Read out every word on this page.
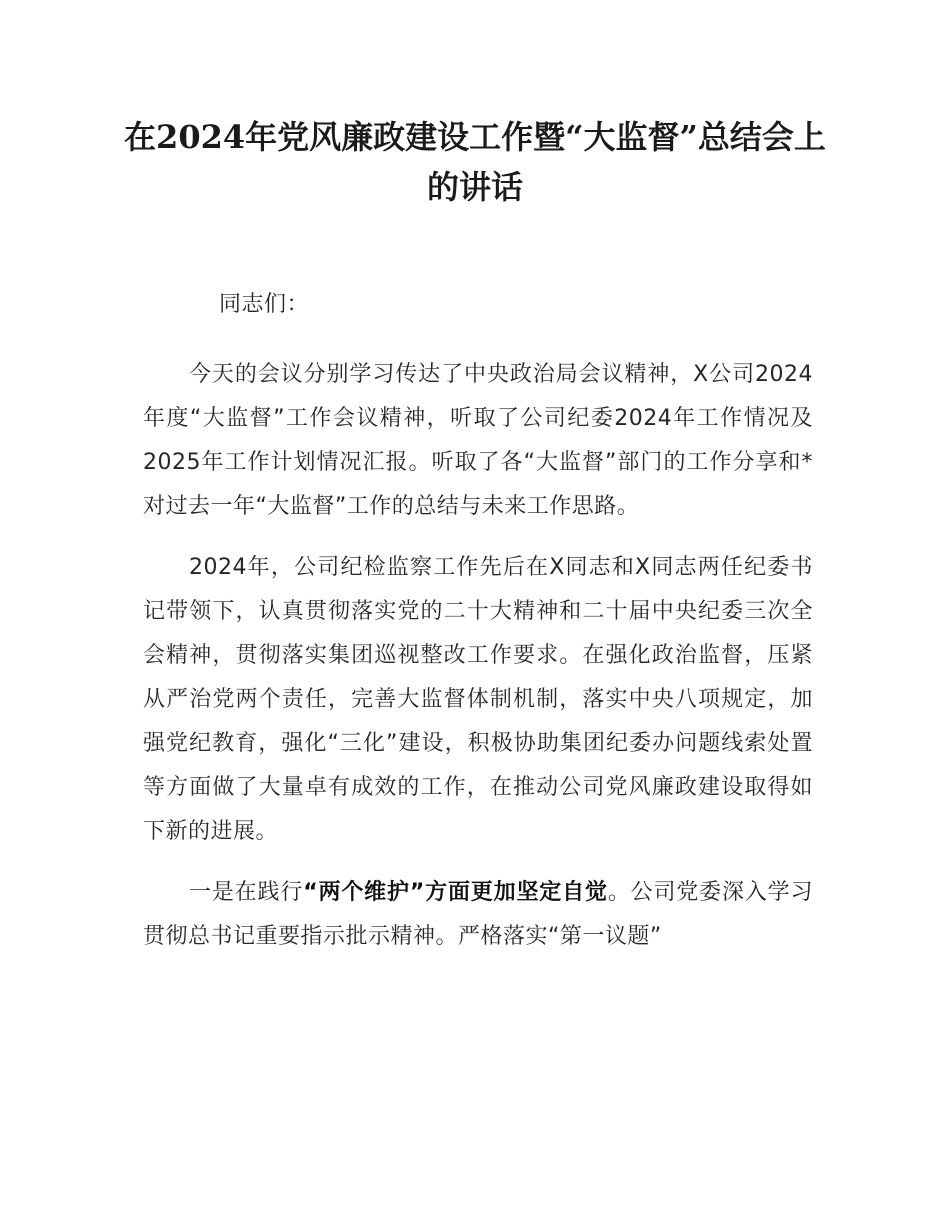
在2024年党风廉政建设工作暨“大监督”总结会上的讲话

同志们：

今天的会议分别学习传达了中央政治局会议精神，X公司2024年度“大监督”工作会议精神，听取了公司纪委2024年工作情况及2025年工作计划情况汇报。听取了各“大监督”部门的工作分享和*对过去一年“大监督”工作的总结与未来工作思路。

2024年，公司纪检监察工作先后在X同志和X同志两任纪委书记带领下，认真贯彻落实党的二十大精神和二十届中央纪委三次全会精神，贯彻落实集团巡视整改工作要求。在强化政治监督，压紧从严治党两个责任，完善大监督体制机制，落实中央八项规定，加强党纪教育，强化“三化”建设，积极协助集团纪委办问题线索处置等方面做了大量卓有成效的工作，在推动公司党风廉政建设取得如下新的进展。

一是在践行“两个维护”方面更加坚定自觉。公司党委深入学习贯彻总书记重要指示批示精神。严格落实“第一议题”
